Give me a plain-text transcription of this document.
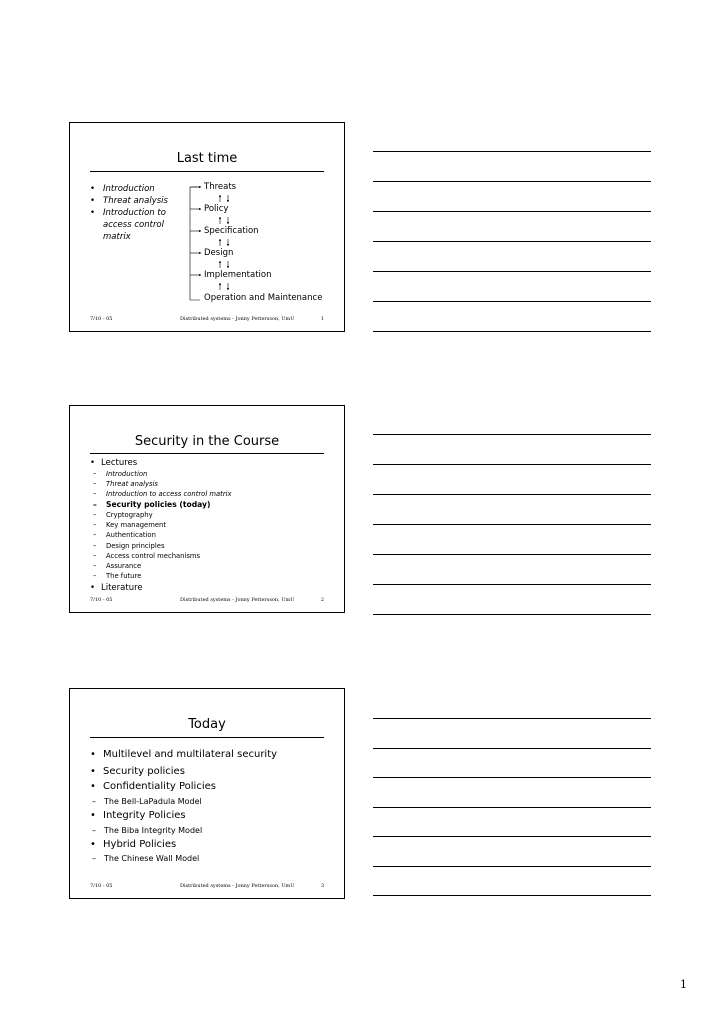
Last time
• Introduction
• Threat analysis
• Introduction to access control matrix
Threats
Policy
Specification
Design
Implementation
Operation and Maintenance
7/10 - 05	Distributed systems - Jonny Pettersson, UmU	1
Security in the Course
• Lectures
– Introduction
– Threat analysis
– Introduction to access control matrix
– Security policies (today)
– Cryptography
– Key management
– Authentication
– Design principles
– Access control mechanisms
– Assurance
– The future
• Literature
7/10 - 05	Distributed systems - Jonny Pettersson, UmU	2
Today
• Multilevel and multilateral security
• Security policies
• Confidentiality Policies
– The Bell-LaPadula Model
• Integrity Policies
– The Biba Integrity Model
• Hybrid Policies
– The Chinese Wall Model
7/10 - 05	Distributed systems - Jonny Pettersson, UmU	3
1
